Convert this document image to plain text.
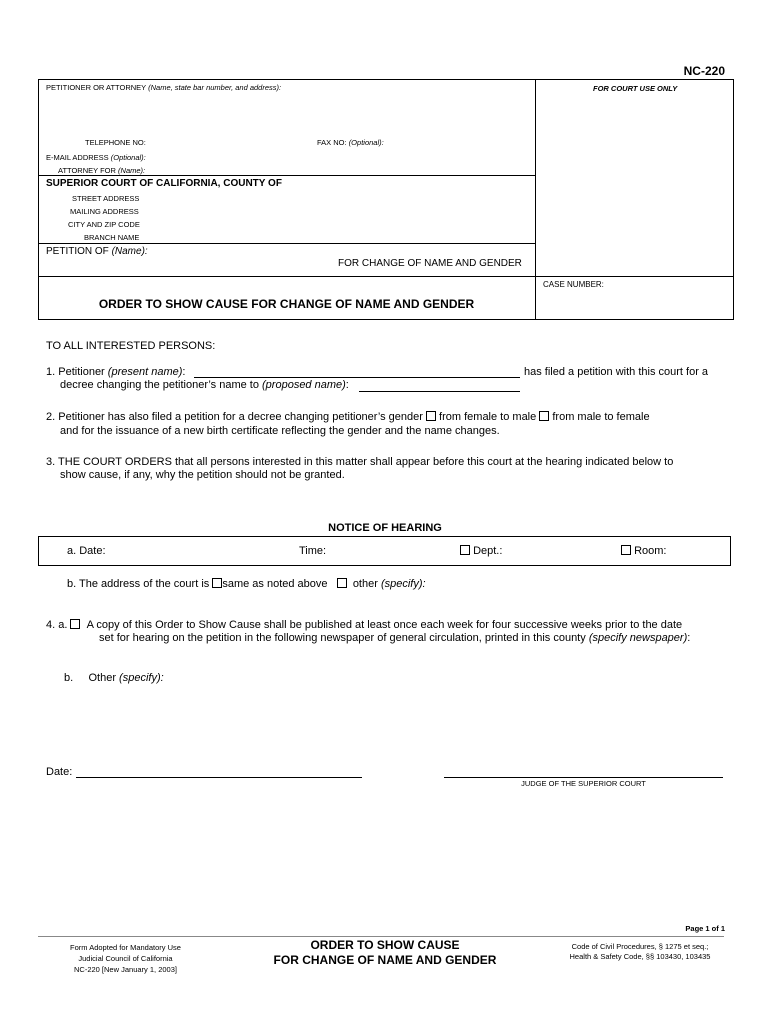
NC-220
PETITIONER OR ATTORNEY (Name, state bar number, and address):	FOR COURT USE ONLY
TELEPHONE NO:	FAX NO: (Optional):
E-MAIL ADDRESS (Optional):
ATTORNEY FOR (Name):
SUPERIOR COURT OF CALIFORNIA, COUNTY OF
STREET ADDRESS
MAILING ADDRESS
CITY AND ZIP CODE
BRANCH NAME
PETITION OF (Name):
FOR CHANGE OF NAME AND GENDER
CASE NUMBER:
ORDER TO SHOW CAUSE FOR CHANGE OF NAME AND GENDER
TO ALL INTERESTED PERSONS:
1. Petitioner (present name):	has filed a petition with this court for a
decree changing the petitioner’s name to (proposed name):
2. Petitioner has also filed a petition for a decree changing petitioner’s gender from female to male from male to female
and for the issuance of a new birth certificate reflecting the gender and the name changes.
3. THE COURT ORDERS that all persons interested in this matter shall appear before this court at the hearing indicated below to
show cause, if any, why the petition should not be granted.
NOTICE OF HEARING
a. Date:	Time:	Dept.:	Room:
b. The address of the court is same as noted above other (specify):
4. a. A copy of this Order to Show Cause shall be published at least once each week for four successive weeks prior to the date
set for hearing on the petition in the following newspaper of general circulation, printed in this county (specify newspaper):
b. Other (specify):
Date:
JUDGE OF THE SUPERIOR COURT
Page 1 of 1
Form Adopted for Mandatory Use
Judicial Council of California
NC-220 [New January 1, 2003]
ORDER TO SHOW CAUSE
FOR CHANGE OF NAME AND GENDER
Code of Civil Procedures, § 1275 et seq.;
Health & Safety Code, §§ 103430, 103435
